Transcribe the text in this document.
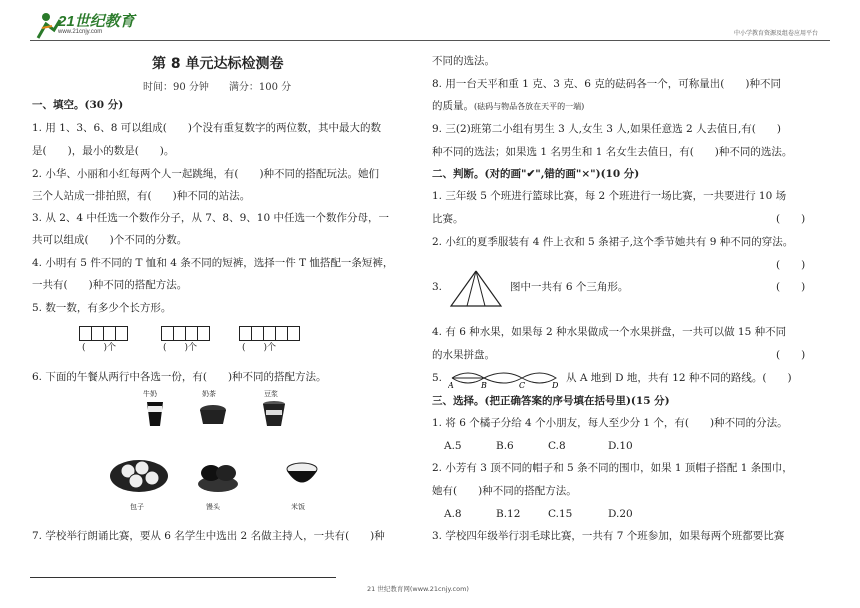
21世纪教育
www.21cnjy.com	中小学教育资源及组卷应用平台
第 8 单元达标检测卷
时间：90 分钟　　满分：100 分
一、填空。(30 分)
1. 用 1、3、6、8 可以组成(　　)个没有重复数字的两位数，其中最大的数
是(　　)，最小的数是(　　)。
2. 小华、小丽和小红每两个人一起跳绳，有(　　)种不同的搭配玩法。她们
三个人站成一排拍照，有(　　)种不同的站法。
3. 从 2、4 中任选一个数作分子，从 7、8、9、10 中任选一个数作分母，一
共可以组成(　　)个不同的分数。
4. 小明有 5 件不同的 T 恤和 4 条不同的短裤，选择一件 T 恤搭配一条短裤，
一共有(　　)种不同的搭配方法。
5. 数一数，有多少个长方形。
(　　)个	(　　)个	(　　)个
6. 下面的午餐从两行中各选一份，有(　　)种不同的搭配方法。
牛奶	奶茶	豆浆
包子	馒头	米饭
7. 学校举行朗诵比赛，要从 6 名学生中选出 2 名做主持人，一共有(　　)种
不同的选法。
8. 用一台天平和重 1 克、3 克、6 克的砝码各一个，可称量出(　　)种不同
的质量。(砝码与物品各放在天平的一端)
9. 三(2)班第二小组有男生 3 人,女生 3 人,如果任意选 2 人去值日,有(　　)
种不同的选法；如果选 1 名男生和 1 名女生去值日，有(　　)种不同的选法。
二、判断。(对的画"✔",错的画"×")(10 分)
1. 三年级 5 个班进行篮球比赛，每 2 个班进行一场比赛，一共要进行 10 场
比赛。	(　　)
2. 小红的夏季服装有 4 件上衣和 5 条裙子,这个季节她共有 9 种不同的穿法。
(　　)
3.	图中一共有 6 个三角形。	(　　)
4. 有 6 种水果，如果每 2 种水果做成一个水果拼盘，一共可以做 15 种不同
的水果拼盘。	(　　)
5.
A	B	C	D
从 A 地到 D 地，共有 12 种不同的路线。(　　)
三、选择。(把正确答案的序号填在括号里)(15 分)
1. 将 6 个橘子分给 4 个小朋友，每人至少分 1 个，有(　　)种不同的分法。
A.5	B.6	C.8	D.10
2. 小芳有 3 顶不同的帽子和 5 条不同的围巾，如果 1 顶帽子搭配 1 条围巾，
她有(　　)种不同的搭配方法。
A.8	B.12	C.15	D.20
3. 学校四年级举行羽毛球比赛，一共有 7 个班参加，如果每两个班都要比赛
21 世纪教育网(www.21cnjy.com)
